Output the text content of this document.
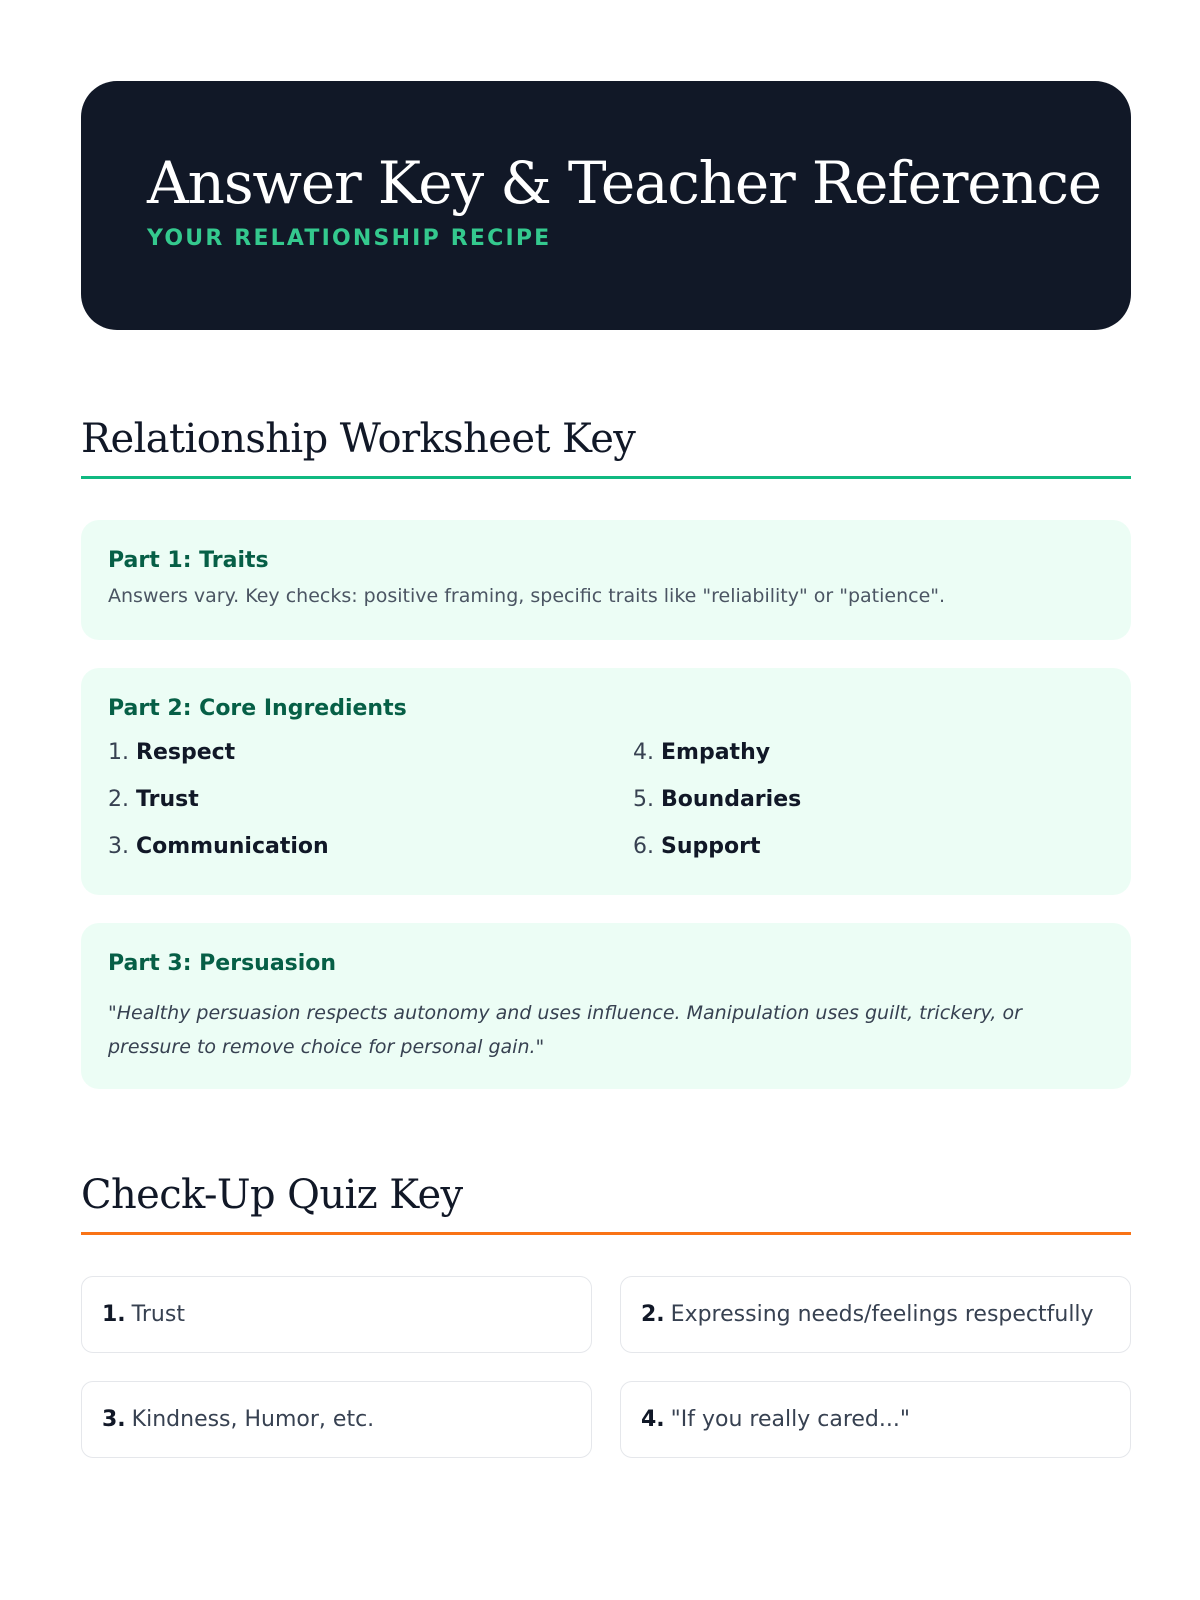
Answer Key & Teacher Reference
YOUR RELATIONSHIP RECIPE
Relationship Worksheet Key
Part 1: Traits
Answers vary. Key checks: positive framing, specific traits like "reliability" or "patience".
Part 2: Core Ingredients
1. Respect	4. Empathy
2. Trust	5. Boundaries
3. Communication	6. Support
Part 3: Persuasion
"Healthy persuasion respects autonomy and uses influence. Manipulation uses guilt, trickery, or pressure to remove choice for personal gain."
Check-Up Quiz Key
1. Trust	2. Expressing needs/feelings respectfully
3. Kindness, Humor, etc.	4. "If you really cared..."
